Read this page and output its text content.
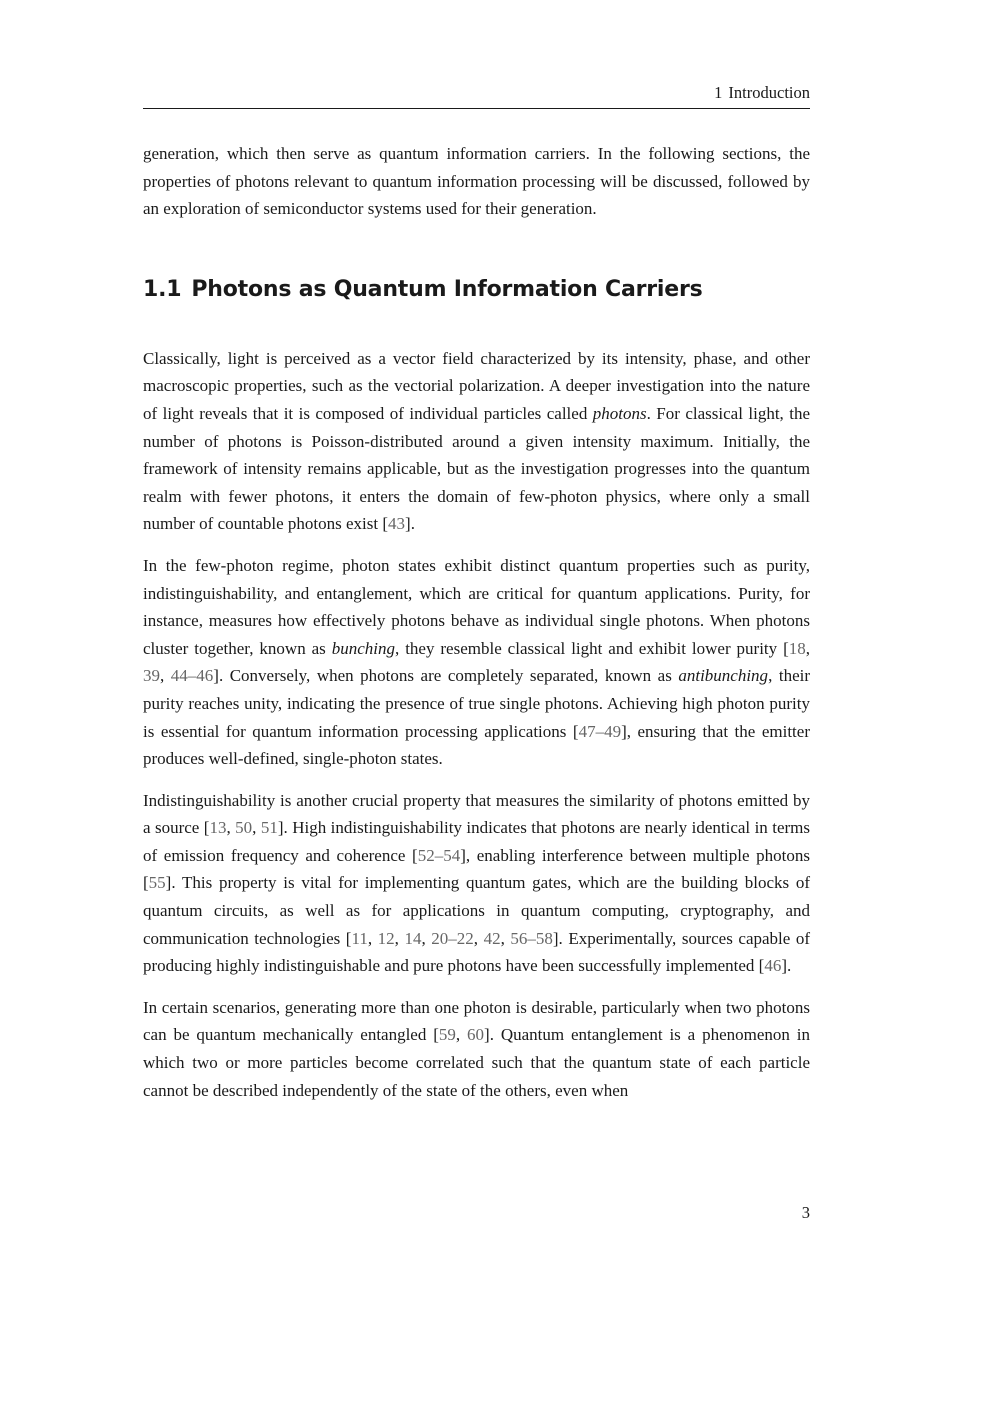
1 Introduction

generation, which then serve as quantum information carriers. In the following sections, the properties of photons relevant to quantum information processing will be discussed, followed by an exploration of semiconductor systems used for their generation.

1.1 Photons as Quantum Information Carriers

Classically, light is perceived as a vector field characterized by its intensity, phase, and other macroscopic properties, such as the vectorial polarization. A deeper investigation into the nature of light reveals that it is composed of individual particles called photons. For classical light, the number of photons is Poisson-distributed around a given intensity maximum. Initially, the framework of intensity remains applicable, but as the investigation progresses into the quantum realm with fewer photons, it enters the domain of few-photon physics, where only a small number of countable photons exist [43].

In the few-photon regime, photon states exhibit distinct quantum properties such as purity, indistinguishability, and entanglement, which are critical for quantum applications. Purity, for instance, measures how effectively photons behave as individual single photons. When photons cluster together, known as bunching, they resemble classical light and exhibit lower purity [18, 39, 44–46]. Conversely, when photons are completely separated, known as antibunching, their purity reaches unity, indicating the presence of true single photons. Achieving high photon purity is essential for quantum information processing applications [47–49], ensuring that the emitter produces well-defined, single-photon states.

Indistinguishability is another crucial property that measures the similarity of photons emitted by a source [13, 50, 51]. High indistinguishability indicates that photons are nearly identical in terms of emission frequency and coherence [52–54], enabling interference between multiple photons [55]. This property is vital for implementing quantum gates, which are the building blocks of quantum circuits, as well as for applications in quantum computing, cryptography, and communication technologies [11, 12, 14, 20–22, 42, 56–58]. Experimentally, sources capable of producing highly indistinguishable and pure photons have been successfully implemented [46].

In certain scenarios, generating more than one photon is desirable, particularly when two photons can be quantum mechanically entangled [59, 60]. Quantum entanglement is a phenomenon in which two or more particles become correlated such that the quantum state of each particle cannot be described independently of the state of the others, even when

3
